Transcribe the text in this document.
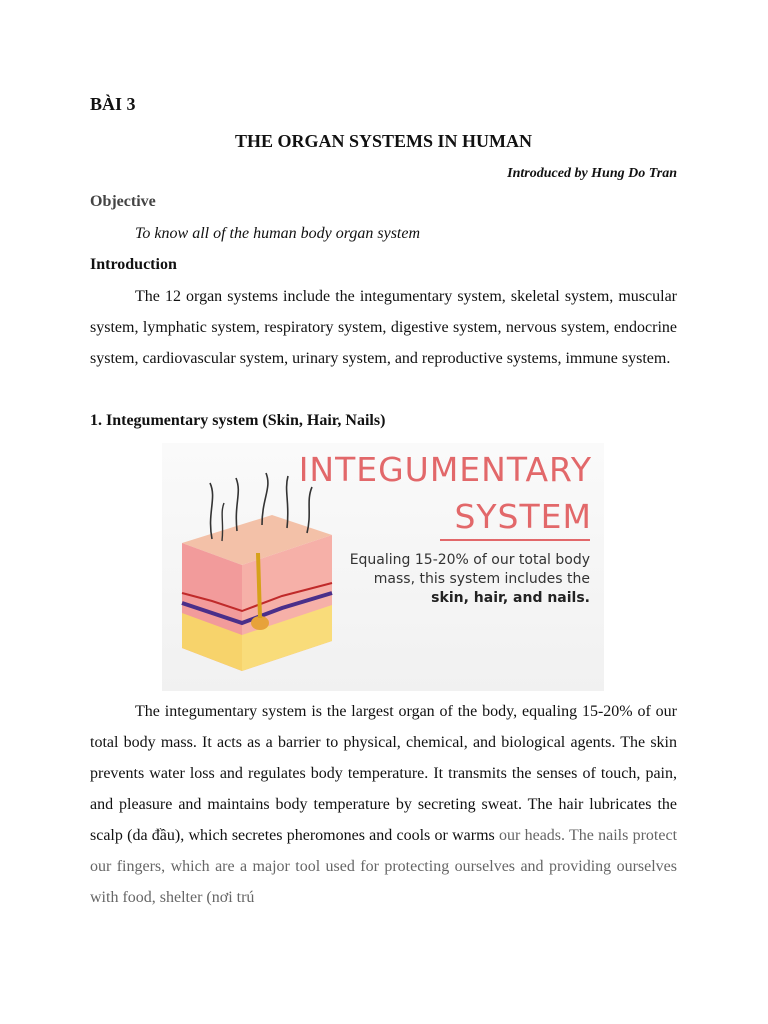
BÀI 3
THE ORGAN SYSTEMS IN HUMAN
Introduced by Hung Do Tran
Objective
To know all of the human body organ system
Introduction
The 12 organ systems include the integumentary system, skeletal system, muscular system, lymphatic system, respiratory system, digestive system, nervous system, endocrine system, cardiovascular system, urinary system, and reproductive systems, immune system.
1. Integumentary system (Skin, Hair, Nails)
The integumentary system is the largest organ of the body, equaling 15-20% of our total body mass. It acts as a barrier to physical, chemical, and biological agents. The skin prevents water loss and regulates body temperature. It transmits the senses of touch, pain, and pleasure and maintains body temperature by secreting sweat. The hair lubricates the scalp (da đầu), which secretes pheromones and cools or warms our heads. The nails protect our fingers, which are a major tool used for protecting ourselves and providing ourselves with food, shelter (nơi trú
INTEGUMENTARY
SYSTEM
Equaling 15-20% of our total body mass, this system includes the
skin, hair, and nails.
